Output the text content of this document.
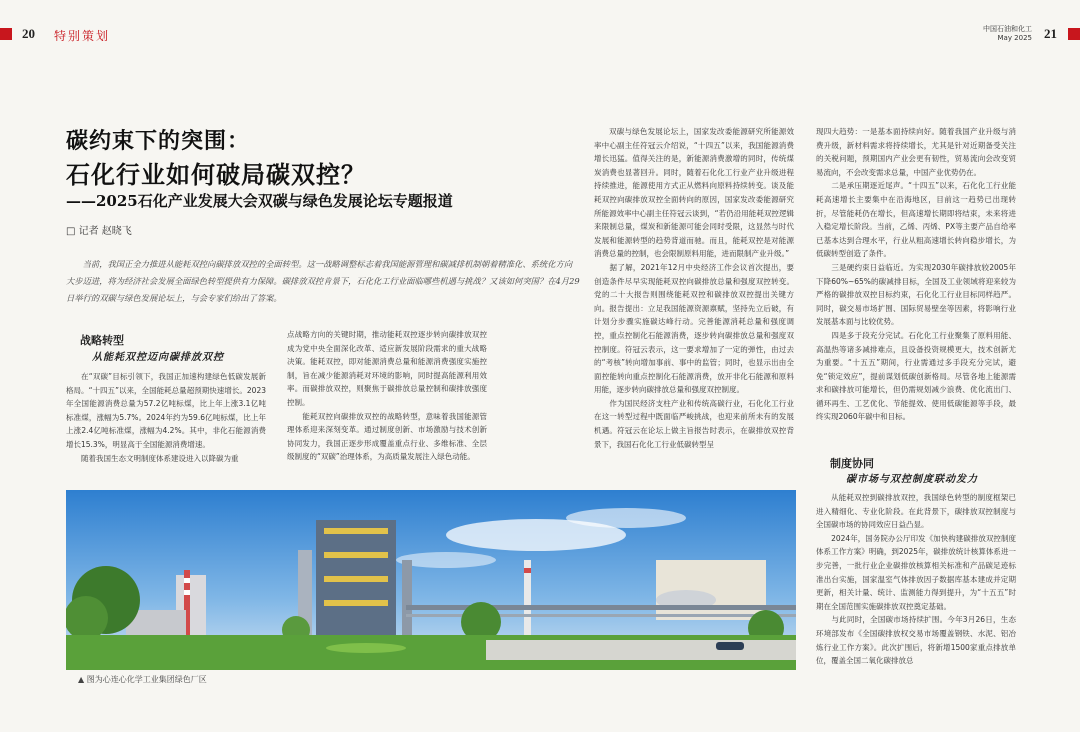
20 特别策划	中国石油和化工
May 2025 21
碳约束下的突围：
石化行业如何破局碳双控？
——2025石化产业发展大会双碳与绿色发展论坛专题报道
□ 记者 赵晓飞
当前，我国正全力推进从能耗双控向碳排放双控的全面转型。这一战略调整标志着我国能源管理和碳减排机制朝着精准化、系统化方向大步迈进，将为经济社会发展全面绿色转型提供有力保障。碳排放双控肯景下，石化化工行业面临哪些机遇与挑战？又该如何突围？在4月29日举行的双碳与绿色发展论坛上，与会专家们给出了答案。
战略转型
从能耗双控迈向碳排放双控
在“双碳”目标引领下，我国正加速构建绿色低碳发展新格局。“十四五”以来，全国能耗总量超预期快速增长。2023年全国能源消费总量为57.2亿吨标煤，比上年上涨3.1亿吨标准煤，涨幅为5.7%。2024年约为59.6亿吨标煤，比上年上涨2.4亿吨标准煤，涨幅为4.2%。其中，非化石能源消费增长15.3%，明显高于全国能源消费增速。
　　随着我国生态文明制度体系建设进入以降碳为重
点战略方向的关键时期，推动能耗双控逐步转向碳排放双控成为党中央全面深化改革、适应新发展阶段需求的重大战略决策。能耗双控，即对能源消费总量和能源消费强度实施控制，旨在减少能源消耗对环境的影响，同时提高能源利用效率。而碳排放双控，则聚焦于碳排放总量控制和碳排放强度控制。
　　能耗双控向碳排放双控的战略转型，意味着我国能源管理体系迎来深刻变革。通过制度创新、市场激励与技术创新协同发力，我国正逐步形成覆盖重点行业、多维标准、全层级制度的“双碳”治理体系，为高质量发展注入绿色动能。
双碳与绿色发展论坛上，国家发改委能源研究所能源效率中心副主任符冠云介绍说，“十四五”以来，我国能源消费增长迅猛。值得关注的是，新能源消费激增的同时，传统煤炭消费也显著回升。同时，随着石化化工行业产业升级进程持续推进，能源使用方式正从燃料向原料持续转变。谈及能耗双控向碳排放双控全面转向的原因，国家发改委能源研究所能源效率中心副主任符冠云谈到，“若仍沿用能耗双控逻辑来限制总量，煤炭和新能源可能会同时受限，这显然与时代发展和能源转型的趋势背道而驰。而且，能耗双控是对能源消费总量的控制，也会限制原料用能，进而限制产业升级。”
　　据了解，2021年12月中央经济工作会议首次提出，要创造条件尽早实现能耗双控向碳排放总量和强度双控转变。党的二十大报告则围绕能耗双控和碳排放双控提出关键方向。报告提出：立足我国能源资源禀赋，坚持先立后破，有计划分步骤实施碳达峰行动。完善能源消耗总量和强度调控，重点控制化石能源消费，逐步转向碳排放总量和强度双控制度。符冠云表示，这一要求增加了一定的弹性，由过去的“考核”转向增加事前、事中的监管；同时，也显示出由全面控能转向重点控制化石能源消费，放开非化石能源和原料用能，逐步转向碳排放总量和强度双控制度。
　　作为国民经济支柱产业和传统高碳行业，石化化工行业在这一转型过程中既面临严峻挑战，也迎来前所未有的发展机遇。符冠云在论坛上做主旨报告时表示，在碳排放双控背景下，我国石化化工行业低碳转型呈
现四大趋势：一是基本面持续向好。随着我国产业升级与消费升级，新材料需求将持续增长，尤其是针对近期备受关注的关税问题，预期国内产业会更有韧性，贸易流向会改变贸易流向，不会改变需求总量，中国产业优势仍在。
　　二是承压期逐近尾声。“十四五”以来，石化化工行业能耗高速增长主要集中在沿海地区，目前这一趋势已出现转折，尽管能耗仍在增长，但高速增长期即将结束，未来将进入稳定增长阶段。当前，乙烯、丙烯、PX等主要产品自给率已基本达到合理水平，行业从粗高速增长转向稳步增长，为低碳转型创造了条件。
　　三是硬约束日益临近。为实现2030年碳排放较2005年下降60%~65%的碳减排目标，全国及工业领域将迎来较为严格的碳排放双控目标约束，石化化工行业目标同样趋严。同时，碳交易市场扩围、国际贸易壁垒等因素，将影响行业发展基本面与比较优势。
　　四是多于段充分完试。石化化工行业聚集了原料用能、高温热等诸多减排难点，且设备投资规模更大，技术创新尤为重要。“十五五”期间，行业需通过多手段充分完试，避免“锁定效应”，提前谋划低碳创新格局。尽管各地上能源需求和碳排放可能增长，但仍需规划减少浪费、优化流出门、循环再生、工艺优化、节能提效、使用低碳能源等手段，最终实现2060年碳中和目标。
制度协同
碳市场与双控制度联动发力
从能耗双控到碳排放双控，我国绿色转型的制度框架已进入精细化、专业化阶段。在此背景下，碳排放双控制度与全国碳市场的协同效应日益凸显。
　　2024年，国务院办公厅印发《加快构建碳排放双控制度体系工作方案》明确，到2025年，碳排放统计核算体系进一步完善，一批行业企业碳排放核算相关标准和产品碳足迹标准出台实施，国家温室气体排放因子数据库基本建成并定期更新，相关计量、统计、监测能力得到提升，为“十五五”时期在全国范围实施碳排放双控奠定基础。
　　与此同时，全国碳市场持续扩围。今年3月26日，生态环境部发布《全国碳排放权交易市场覆盖钢铁、水泥、铝冶炼行业工作方案》。此次扩围后，将新增1500家重点排放单位，覆盖全国二氧化碳排放总
▲ 图为心连心化学工业集团绿色厂区
